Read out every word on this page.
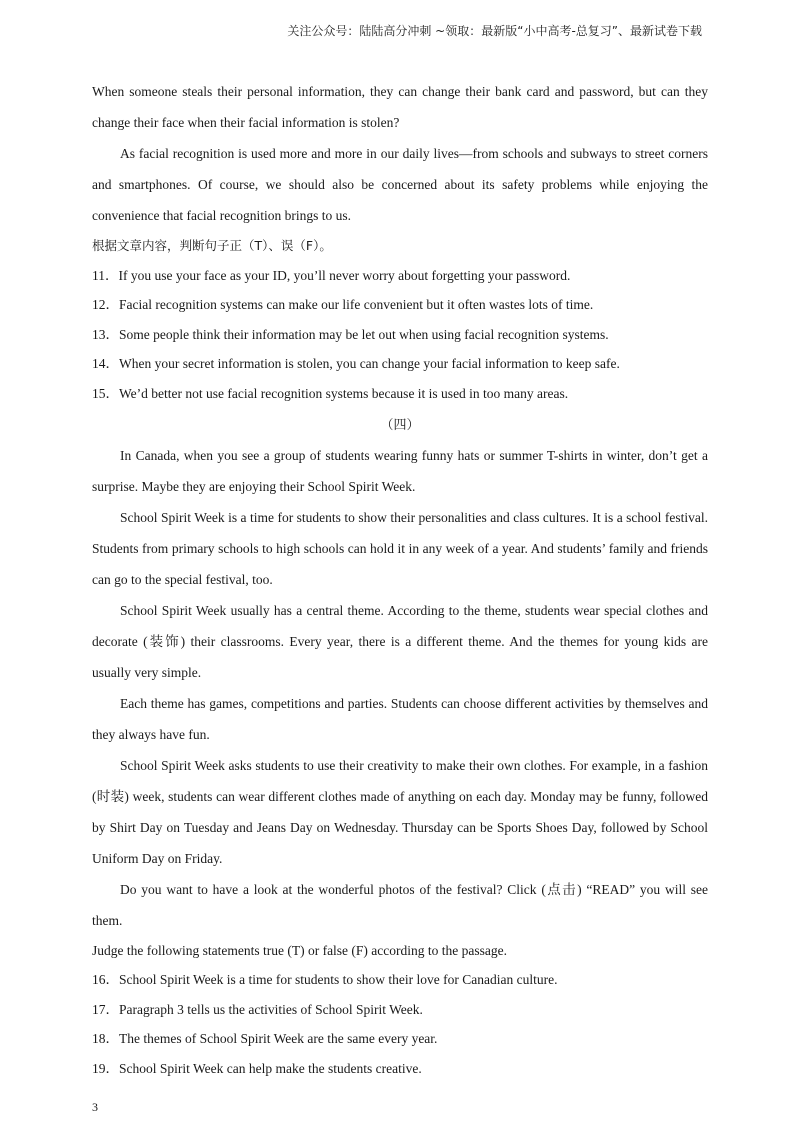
关注公众号：陆陆高分冲刺 ~领取：最新版“小中高考-总复习”、最新试卷下载

When someone steals their personal information, they can change their bank card and password, but can they change their face when their facial information is stolen?

As facial recognition is used more and more in our daily lives—from schools and subways to street corners and smartphones. Of course, we should also be concerned about its safety problems while enjoying the convenience that facial recognition brings to us.

根据文章内容，判断句子正（T）、误（F）。

11．If you use your face as your ID, you’ll never worry about forgetting your password.

12．Facial recognition systems can make our life convenient but it often wastes lots of time.

13．Some people think their information may be let out when using facial recognition systems.

14．When your secret information is stolen, you can change your facial information to keep safe.

15．We’d better not use facial recognition systems because it is used in too many areas.

（四）

In Canada, when you see a group of students wearing funny hats or summer T-shirts in winter, don’t get a surprise. Maybe they are enjoying their School Spirit Week.

School Spirit Week is a time for students to show their personalities and class cultures. It is a school festival. Students from primary schools to high schools can hold it in any week of a year. And students’ family and friends can go to the special festival, too.

School Spirit Week usually has a central theme. According to the theme, students wear special clothes and decorate (装饰) their classrooms. Every year, there is a different theme. And the themes for young kids are usually very simple.

Each theme has games, competitions and parties. Students can choose different activities by themselves and they always have fun.

School Spirit Week asks students to use their creativity to make their own clothes. For example, in a fashion (时装) week, students can wear different clothes made of anything on each day. Monday may be funny, followed by Shirt Day on Tuesday and Jeans Day on Wednesday. Thursday can be Sports Shoes Day, followed by School Uniform Day on Friday.

Do you want to have a look at the wonderful photos of the festival? Click (点击) “READ” you will see them.

Judge the following statements true (T) or false (F) according to the passage.

16．School Spirit Week is a time for students to show their love for Canadian culture.

17．Paragraph 3 tells us the activities of School Spirit Week.

18．The themes of School Spirit Week are the same every year.

19．School Spirit Week can help make the students creative.

3
